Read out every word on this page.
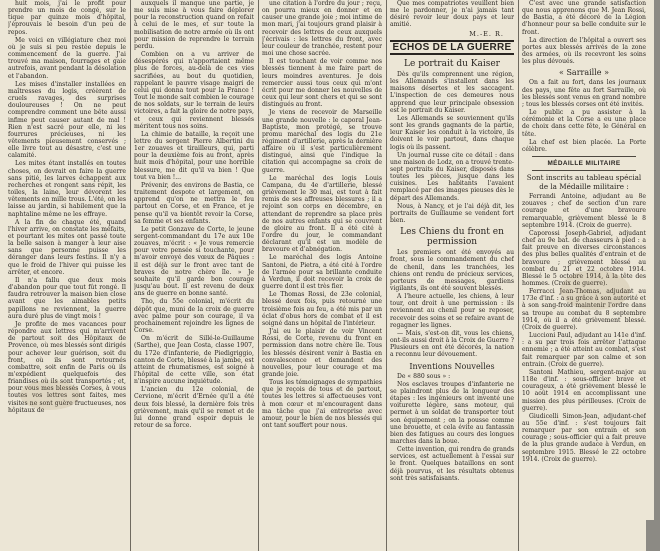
huit mois, j'ai le profit pour prendre un mois de congé, sur le tique par quinze mois d'hôpital, j'éprouvais le besoin d'un peu de repos.

Me voici en villégiature chez moi où je suis si peu restée depuis le commencement de la guerre. J'ai trouvé ma maison, fourrages et gaie autrefois, avant pendant la désolation et l'abandon.

Les mises d'installer installées en maîtresses du logis, créèrent de cruels ravages, des surprises douloureuses ! On ne peut comprendre comment une bête aussi infime peut causer autant de mal ! Rien n'est sacré pour elle, ni les fourrures précieuses, ni les vêtements pieusement conservés ; elle livre tout au désastre, c'est une calamité.

Les mites étant installés en toutes choses, on devrait en faire la guerre sans pitié, les larves échappent aux recherches et rongent sans répit, les toiles, la laine, leur dévorent les vêtements en mille trous. L'été, on les laisse au jardin, si habilement que la naphtaline même ne les effraye.

A la fin de chaque été, quand l'hiver arrive, on constate les méfaits, et pourtant les mites ont passé toute la belle saison à manger à leur aise sans que personne puisse les déranger dans leurs festins. Il n'y a que le froid de l'hiver qui puisse les arrêter, et encore.

Il n'a fallu que deux mois d'abandon pour que tout fût rongé. Il faudra retrouver la maison bien close avant que les aimables petits papillons ne reviennent, la guerre aura duré plus de vingt mois !

Je profite de mes vacances pour répondre aux lettres qui m'arrivent de partout soit des Hôpitaux de Provence, où mes blessés sont dirigés pour achever leur guérison, soit du front, où ils sont retournés combattre, soit enfin de Paris où ils m'expédient quelquefois des friandises où ils sont transportés ; et, pour vous mes blessés Corses, à vous toutes vos lettres sont faites, mes visites ne sont guère fructueuses, nos hôpitaux de

auxquels il manque une partie, je me suis mise à vous faire déplorer pour la reconstruction quand on refait à celui de le mes, et sur toute la mobilisation de notre armée où ils ont pour mission de reprendre le terrain perdu.

Combien on a vu arriver de désespérés qui n'apportaient même plus de forces, au-delà de ces vies sacrifiées, au bout du quotidien, rappelant le pauvre visage maigri de celui qui donna tout pour la France ! Tout le monde sait combien le courage de nos soldats, sur le terrain de leurs victoires, a fait la gloire de notre pays, et ceux qui reviennent blessés méritent tous nos soins.

La chimie de bataille, la reçoit une lettre du sergent Pierre Albertini du 1er zouaves et tirailleurs, qui, parti pour la deuxième fois au front, après huit mois d'hôpital, pour une horrible blessure, me dit qu'il va bien ! Que tout va bien !...

Prévenir, des environs de Bastia, ce traitement despote et largement, on apprend qu'on ne mettra le feu partout en Corse, et en France, et je pense qu'il va bientôt revoir la Corse, sa femme et ses enfants.

Le petit Gonzave de Corte, le jeune sergent-commandant du 17e aux 10e zouaves, m'écrit : « Je vous remercie pour votre pensée si touchante, pour m'avoir envoyé des vœux de Pâques : il est déjà sur le front avec tant de braves de notre chère île. » Je souhaite qu'il garde bon courage jusqu'au bout. Il est revenu de deux ans de guerre en bonne santé.

Tho, du 55e colonial, m'écrit du dépôt que, muni de la croix de guerre avec palme pour son courage, il va prochainement rejoindre les lignes de Corse.

On m'écrit de Sillé-le-Guillaume (Sarthe), que Jean Costa, classe 1907, du 172e d'infanterie, de Piedigriggio, canton de Corte, blessé à la jambe, est atteint de rhumatismes, est soigné à l'hôpital de cette ville, son état n'inspire aucune inquiétude.

L'ancien du 12e colonial, de Cervione, m'écrit d'Ernée qu'il a été deux fois blessé, la dernière fois très grièvement, mais qu'il se remet et de lui donne grand espoir depuis le retour de sa force.

une citation à l'ordre du jour ; reçu, on pourra mieux en donner et en causer une grande joie ; moi intime de mon mari, j'ai toujours grand plaisir à recevoir des lettres de ceux auxquels j'écrivais : les lettres du front, avec leur couleur de tranchée, restent pour moi une chose sacrée.

Il est touchant de voir comme nos blessés tiennent à me faire part de leurs moindres aventures. Je dois remercier aussi tous ceux qui m'ont écrit pour me donner les nouvelles de ceux qui leur sont chers et qui se sont distingués au front.

Je viens de recevoir de Marseille une grande nouvelle : le caporal Jean-Baptiste, mon protégé, se trouve promu maréchal des logis du 21e régiment d'artillerie, après la dernière affaire où il s'est particulièrement distingué, ainsi que l'indique la citation qui accompagne sa croix de guerre.

Le maréchal des logis Louis Campana, du 4e d'artillerie, blessé grièvement le 30 mai, est tout à fait remis de ses affreuses blessures ; il a rejoint son corps en décembre, en attendant de reprendre sa place près de nos autres enfants qui se couvrent de gloire au front. Il a été cité à l'ordre du jour, le commandant déclarant qu'il est un modèle de bravoure et d'abnégation.

Le maréchal des logis Antoine Santoni, de Pietra, a été cité à l'ordre de l'armée pour sa brillante conduite à Verdun, il doit recevoir la croix de guerre dont il est très fier.

Le Thomas Rossi, de 23e colonial, blessé deux fois, puis retourné une troisième fois au feu, a été mis par un éclat d'obus hors de combat et il est soigné dans un hôpital de l'intérieur.

J'ai eu le plaisir de voir Vincent Rossi, de Corte, revenu du front en permission dans notre chère île. Tous les blessés désirent venir à Bastia en convalescence et demandent des nouvelles, pour leur courage et ma grande joie.

Tous les témoignages de sympathies que je reçois de tous et de partout, toutes les lettres si affectueuses vont à mon cœur et m'encouragent dans ma tâche que j'ai entreprise avec amour, pour le bien de nos blessés qui ont tant souffert pour nous.

Que mes compatriotes veuillent bien me le pardonner, je n'ai jamais tant désiré revoir leur doux pays et leur amitié.

M.-E. R.
ECHOS DE LA GUERRE
Le portrait du Kaiser

Dès qu'ils comprennent une région, les Allemands s'installent dans les maisons désertes et les saccagent. L'inspection de ces demeures nous apprend que leur principale obsession est le portrait du Kaiser.

Les Allemands se souviennent qu'ils sont les grands gagnants de la partie, leur Kaiser les conduit à la victoire, ils doivent le voir partout, dans chaque logis où ils passent.

Un journal russe cite ce détail : dans une maison de Lodz, on a trouvé trente-sept portraits du Kaiser, disposés dans toutes les pièces, jusque dans les cuisines. Les habitants l'avaient remplacé par des images pieuses dès le départ des Allemands.

Nous, à Nancy, et je l'ai déjà dit, les portraits de Guillaume se vendent fort bien.

Les Chiens du front en permission

Les premiers ont été envoyés au front, sous le commandement du chef de chenil, dans les tranchées, les chiens ont rendu de précieux services, porteurs de messages, gardiens vigilants, ils ont été souvent blessés.

A l'heure actuelle, les chiens, à leur tour, ont droit à une permission : ils reviennent au chenil pour se reposer, recevoir des soins et se refaire avant de regagner les lignes.

— Mais, s'est-on dit, vous les chiens, ont-ils aussi droit à la Croix de Guerre ? Plusieurs en ont été décorés, la nation a reconnu leur dévouement.

Inventions Nouvelles

De « 880 sous » :

Nos esclaves troupes d'infanterie ne se plaindront plus de la longueur des étapes : les ingénieurs ont inventé une voiturette légère, sans moteur, qui permet à un soldat de transporter tout son équipement ; on la pousse comme une brouette, et cela évite au fantassin bien des fatigues au cours des longues marches dans la boue.

Cette invention, qui rendra de grands services, est actuellement à l'essai sur le front. Quelques bataillons en sont déjà pourvus, et les résultats obtenus sont très satisfaisants.

C'est avec une grande satisfaction que nous apprenons que M. Jean Rossi, de Bastia, a été décoré de la Légion d'honneur pour sa belle conduite sur le front.

La direction de l'hôpital a ouvert ses portes aux blessés arrivés de la zone des armées, où ils recevront les soins les plus dévoués.

« Sarraille »

On a fait au fort, dans les journaux des pays, une fête au fort Sarraille, où les blessés sont venus en grand nombre ; tous les blessés corses ont été invités.

Le public a pu assister à la cérémonie et la Corse a eu une place de choix dans cette fête, le Général en tête.

La chef est bien placée. La Porte célèbre.

MÉDAILLE MILITAIRE
Sont inscrits au tableau spécial de la Médaille militaire :

Ferrandi Antoine, adjudant au 8e zouaves ; chef de section d'un rare courage et d'une bravoure remarquable, grièvement blessé le 8 septembre 1914. (Croix de guerre).

Caporossi Joseph-Gabriel, adjudant chef au 9e bat. de chasseurs à pied : a fait preuve en diverses circonstances des plus belles qualités d'entrain et de bravoure ; grièvement blessé au combat du 21 et 22 octobre 1914. Blessé le 5 octobre 1914, à la tête des hommes. (Croix de guerre).

Ferracci Jean-Thomas, adjudant au 173e d'inf. : a su grâce à son autorité et à son sang-froid maintenir l'ordre dans sa troupe au combat du 8 septembre 1914, où il a été grièvement blessé. (Croix de guerre).

Luccioni Paul, adjudant au 141e d'inf. : a su par trois fois arrêter l'attaque ennemie ; a été atteint au combat, s'est fait remarquer par son calme et son entrain. (Croix de guerre).

Santoni Mathieu, sergent-major au 118e d'inf. : sous-officier brave et courageux, a été grièvement blessé le 10 août 1914 en accomplissant une mission des plus périlleuses. (Croix de guerre).

Giudicelli Simon-Jean, adjudant-chef au 55e d'inf. : s'est toujours fait remarquer par son entrain et son courage ; sous-officier qui a fait preuve de la plus grande audace à Verdun, en septembre 1915. Blessé le 22 octobre 1914. (Croix de guerre).
